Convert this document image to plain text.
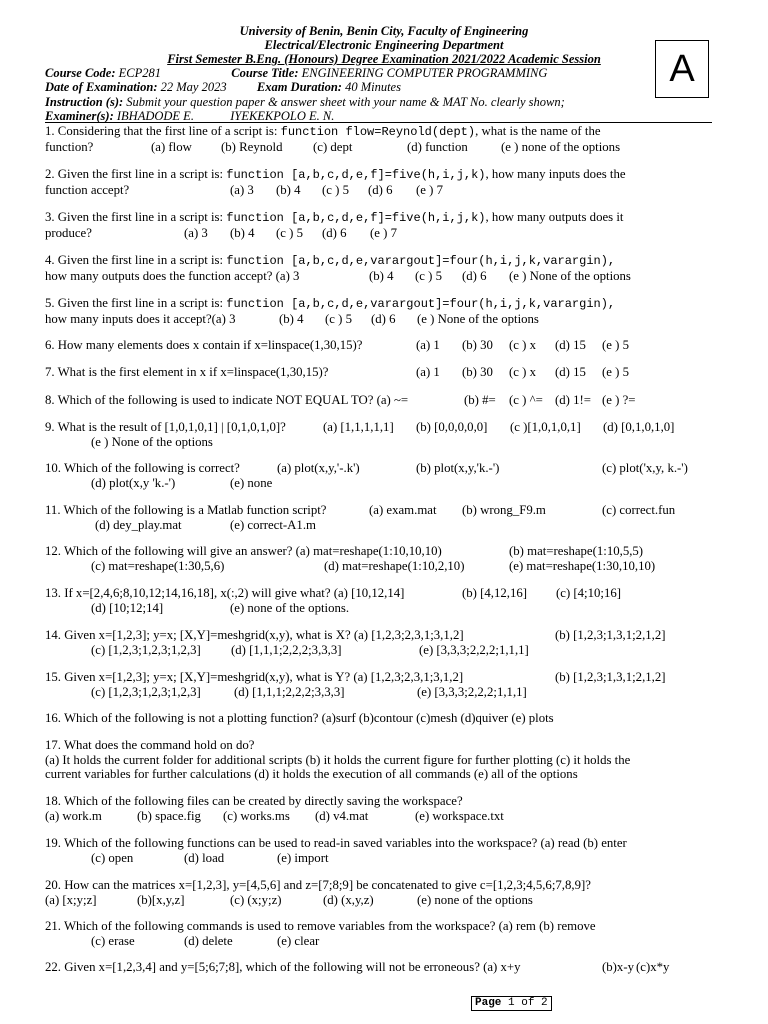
University of Benin, Benin City, Faculty of Engineering
Electrical/Electronic Engineering Department
First Semester B.Eng. (Honours) Degree Examination 2021/2022 Academic Session	A
Course Code: ECP281	Course Title: ENGINEERING COMPUTER PROGRAMMING
Date of Examination: 22 May 2023 Exam Duration: 40 Minutes
Instruction (s): Submit your question paper & answer sheet with your name & MAT No. clearly shown;
Examiner(s): IBHADODE E.	IYEKEKPOLO E. N.
1. Considering that the first line of a script is: function flow=Reynold(dept), what is the name of the
function?	(a) flow (b) Reynold (c) dept	(d) function	(e ) none of the options
2. Given the first line in a script is: function [a,b,c,d,e,f]=five(h,i,j,k), how many inputs does the
function accept?	(a) 3 (b) 4 (c ) 5 (d) 6 (e ) 7
3. Given the first line in a script is: function [a,b,c,d,e,f]=five(h,i,j,k), how many outputs does it
produce?	(a) 3 (b) 4 (c ) 5 (d) 6 (e ) 7
4. Given the first line in a script is: function [a,b,c,d,e,varargout]=four(h,i,j,k,varargin),
how many outputs does the function accept? (a) 3	(b) 4 (c ) 5 (d) 6 (e ) None of the options
5. Given the first line in a script is: function [a,b,c,d,e,varargout]=four(h,i,j,k,varargin),
how many inputs does it accept?(a) 3	(b) 4 (c ) 5 (d) 6 (e ) None of the options
6. How many elements does x contain if x=linspace(1,30,15)?	(a) 1 (b) 30 (c ) x (d) 15 (e ) 5
7. What is the first element in x if x=linspace(1,30,15)?	(a) 1 (b) 30 (c ) x (d) 15 (e ) 5
8. Which of the following is used to indicate NOT EQUAL TO? (a) ~=	(b) #= (c ) ^= (d) 1!= (e ) ?=
9. What is the result of [1,0,1,0,1] | [0,1,0,1,0]?	(a) [1,1,1,1,1] (b) [0,0,0,0,0] (c )[1,0,1,0,1] (d) [0,1,0,1,0]
(e ) None of the options
10. Which of the following is correct?	(a) plot(x,y,'-.k')	(b) plot(x,y,'k.-')	(c) plot('x,y, k.-')
(d) plot(x,y 'k.-')	(e) none
11. Which of the following is a Matlab function script?	(a) exam.mat (b) wrong_F9.m	(c) correct.fun
(d) dey_play.mat	(e) correct-A1.m
12. Which of the following will give an answer? (a) mat=reshape(1:10,10,10)	(b) mat=reshape(1:10,5,5)
(c) mat=reshape(1:30,5,6)	(d) mat=reshape(1:10,2,10)	(e) mat=reshape(1:30,10,10)
13. If x=[2,4,6;8,10,12;14,16,18], x(:,2) will give what? (a) [10,12,14]	(b) [4,12,16] (c) [4;10;16]
(d) [10;12;14]	(e) none of the options.
14. Given x=[1,2,3]; y=x; [X,Y]=meshgrid(x,y), what is X? (a) [1,2,3;2,3,1;3,1,2]	(b) [1,2,3;1,3,1;2,1,2]
(c) [1,2,3;1,2,3;1,2,3] (d) [1,1,1;2,2,2;3,3,3]	(e) [3,3,3;2,2,2;1,1,1]
15. Given x=[1,2,3]; y=x; [X,Y]=meshgrid(x,y), what is Y? (a) [1,2,3;2,3,1;3,1,2]	(b) [1,2,3;1,3,1;2,1,2]
(c) [1,2,3;1,2,3;1,2,3]	(d) [1,1,1;2,2,2;3,3,3]	(e) [3,3,3;2,2,2;1,1,1]
16. Which of the following is not a plotting function? (a)surf (b)contour (c)mesh (d)quiver (e) plots
17. What does the command hold on do?
(a) It holds the current folder for additional scripts (b) it holds the current figure for further plotting (c) it holds the
current variables for further calculations (d) it holds the execution of all commands (e) all of the options
18. Which of the following files can be created by directly saving the workspace?
(a) work.m	(b) space.fig (c) works.ms (d) v4.mat	(e) workspace.txt
19. Which of the following functions can be used to read-in saved variables into the workspace? (a) read (b) enter
(c) open	(d) load	(e) import
20. How can the matrices x=[1,2,3], y=[4,5,6] and z=[7;8;9] be concatenated to give c=[1,2,3;4,5,6;7,8,9]?
(a) [x;y;z]	(b)[x,y,z]	(c) (x;y;z)	(d) (x,y,z)	(e) none of the options
21. Which of the following commands is used to remove variables from the workspace? (a) rem (b) remove
(c) erase	(d) delete	(e) clear
22. Given x=[1,2,3,4] and y=[5;6;7;8], which of the following will not be erroneous? (a) x+y	(b)x-y (c)x*y
Page 1 of 2
